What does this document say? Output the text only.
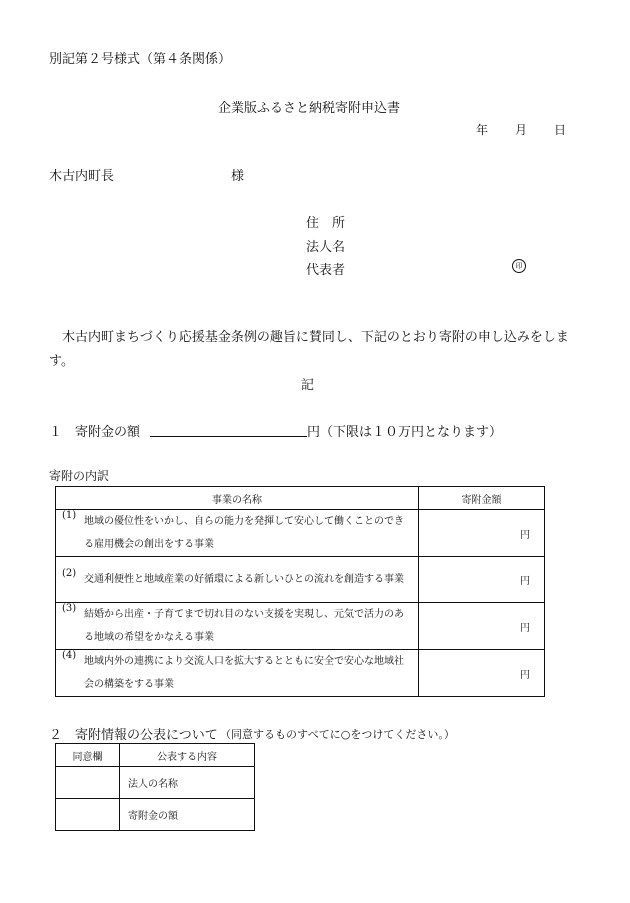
別記第２号様式（第４条関係）
企業版ふるさと納税寄附申込書
年 月 日
木古内町長	様
住　所
法人名
代表者	印
　木古内町まちづくり応援基金条例の趣旨に賛同し、下記のとおり寄附の申し込みをします。
記
１　寄附金の額	円 （下限は１０万円となります）
寄附の内訳
事業の名称	寄附金額

(1)
地域の優位性をいかし、自らの能力を発揮して安心して働くことのできる雇用機会の創出をする事業	円

(2)
交通利便性と地域産業の好循環による新しいひとの流れを創造する事業	円

(3)
結婚から出産・子育てまで切れ目のない支援を実現し、元気で活力のある地域の希望をかなえる事業	円

(4)
地域内外の連携により交流人口を拡大するとともに安全で安心な地域社会の構築をする事業	円
２　寄附情報の公表について （同意するものすべてに○をつけてください。）
同意欄	公表する内容
	法人の名称
	寄附金の額
